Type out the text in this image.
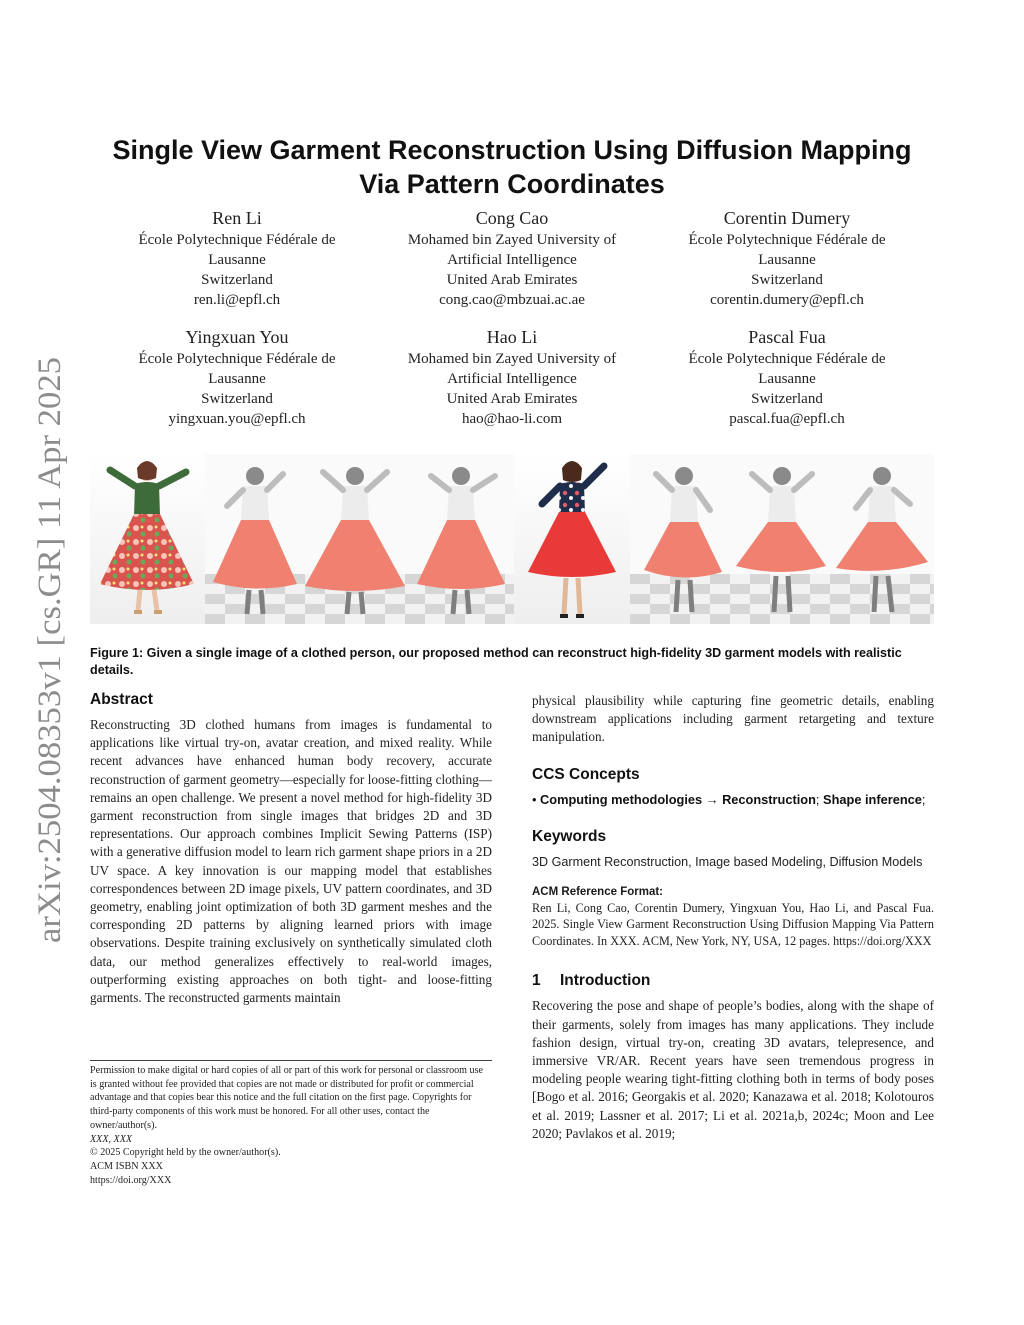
arXiv:2504.08353v1 [cs.GR] 11 Apr 2025
Single View Garment Reconstruction Using Diffusion Mapping
Via Pattern Coordinates
Ren Li
École Polytechnique Fédérale de
Lausanne
Switzerland
ren.li@epfl.ch
Cong Cao
Mohamed bin Zayed University of
Artificial Intelligence
United Arab Emirates
cong.cao@mbzuai.ac.ae
Corentin Dumery
École Polytechnique Fédérale de
Lausanne
Switzerland
corentin.dumery@epfl.ch
Yingxuan You
École Polytechnique Fédérale de
Lausanne
Switzerland
yingxuan.you@epfl.ch
Hao Li
Mohamed bin Zayed University of
Artificial Intelligence
United Arab Emirates
hao@hao-li.com
Pascal Fua
École Polytechnique Fédérale de
Lausanne
Switzerland
pascal.fua@epfl.ch
Figure 1: Given a single image of a clothed person, our proposed method can reconstruct high-fidelity 3D garment models with realistic details.
Abstract

Reconstructing 3D clothed humans from images is fundamental to applications like virtual try-on, avatar creation, and mixed reality. While recent advances have enhanced human body recovery, accurate reconstruction of garment geometry—especially for loose-fitting clothing—remains an open challenge. We present a novel method for high-fidelity 3D garment reconstruction from single images that bridges 2D and 3D representations. Our approach combines Implicit Sewing Patterns (ISP) with a generative diffusion model to learn rich garment shape priors in a 2D UV space. A key innovation is our mapping model that establishes correspondences between 2D image pixels, UV pattern coordinates, and 3D geometry, enabling joint optimization of both 3D garment meshes and the corresponding 2D patterns by aligning learned priors with image observations. Despite training exclusively on synthetically simulated cloth data, our method generalizes effectively to real-world images, outperforming existing approaches on both tight- and loose-fitting garments. The reconstructed garments maintain

physical plausibility while capturing fine geometric details, enabling downstream applications including garment retargeting and texture manipulation.

CCS Concepts
• Computing methodologies → Reconstruction; Shape inference;
Keywords

3D Garment Reconstruction, Image based Modeling, Diffusion Models

ACM Reference Format:
Ren Li, Cong Cao, Corentin Dumery, Yingxuan You, Hao Li, and Pascal Fua. 2025. Single View Garment Reconstruction Using Diffusion Mapping Via Pattern Coordinates. In XXX. ACM, New York, NY, USA, 12 pages. https://doi.org/XXX
1 Introduction

Recovering the pose and shape of people’s bodies, along with the shape of their garments, solely from images has many applications. They include fashion design, virtual try-on, creating 3D avatars, telepresence, and immersive VR/AR. Recent years have seen tremendous progress in modeling people wearing tight-fitting clothing both in terms of body poses [Bogo et al. 2016; Georgakis et al. 2020; Kanazawa et al. 2018; Kolotouros et al. 2019; Lassner et al. 2017; Li et al. 2021a,b, 2024c; Moon and Lee 2020; Pavlakos et al. 2019;

Permission to make digital or hard copies of all or part of this work for personal or classroom use is granted without fee provided that copies are not made or distributed for profit or commercial advantage and that copies bear this notice and the full citation on the first page. Copyrights for third-party components of this work must be honored. For all other uses, contact the owner/author(s).

XXX, XXX

© 2025 Copyright held by the owner/author(s).

ACM ISBN XXX

https://doi.org/XXX
